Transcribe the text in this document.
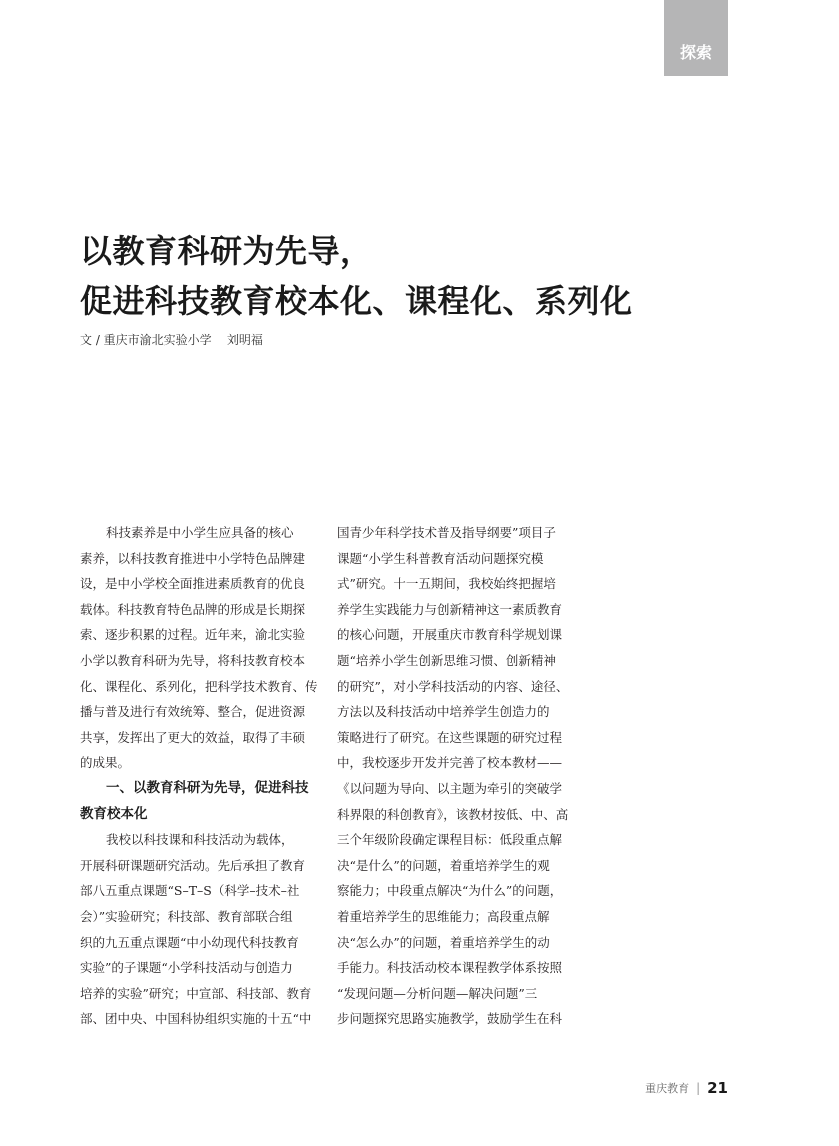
探索
以教育科研为先导，
促进科技教育校本化、课程化、系列化
文 / 重庆市渝北实验小学    刘明福
科技素养是中小学生应具备的核心
素养，以科技教育推进中小学特色品牌建
设，是中小学校全面推进素质教育的优良
载体。科技教育特色品牌的形成是长期探
索、逐步积累的过程。近年来，渝北实验
小学以教育科研为先导，将科技教育校本
化、课程化、系列化，把科学技术教育、传
播与普及进行有效统筹、整合，促进资源
共享，发挥出了更大的效益，取得了丰硕
的成果。
一、以教育科研为先导，促进科技
教育校本化
我校以科技课和科技活动为载体，
开展科研课题研究活动。先后承担了教育
部八五重点课题“S–T–S（科学–技术–社
会）”实验研究；科技部、教育部联合组
织的九五重点课题“中小幼现代科技教育
实验”的子课题“小学科技活动与创造力
培养的实验”研究；中宣部、科技部、教育
部、团中央、中国科协组织实施的十五“中
国青少年科学技术普及指导纲要”项目子
课题“小学生科普教育活动问题探究模
式”研究。十一五期间，我校始终把握培
养学生实践能力与创新精神这一素质教育
的核心问题，开展重庆市教育科学规划课
题“培养小学生创新思维习惯、创新精神
的研究”，对小学科技活动的内容、途径、
方法以及科技活动中培养学生创造力的
策略进行了研究。在这些课题的研究过程
中，我校逐步开发并完善了校本教材——
《以问题为导向、以主题为牵引的突破学
科界限的科创教育》，该教材按低、中、高
三个年级阶段确定课程目标：低段重点解
决“是什么”的问题，着重培养学生的观
察能力；中段重点解决“为什么”的问题，
着重培养学生的思维能力；高段重点解
决“怎么办”的问题，着重培养学生的动
手能力。科技活动校本课程教学体系按照
“发现问题—分析问题—解决问题”三
步问题探究思路实施教学，鼓励学生在科
重庆教育 | 21
